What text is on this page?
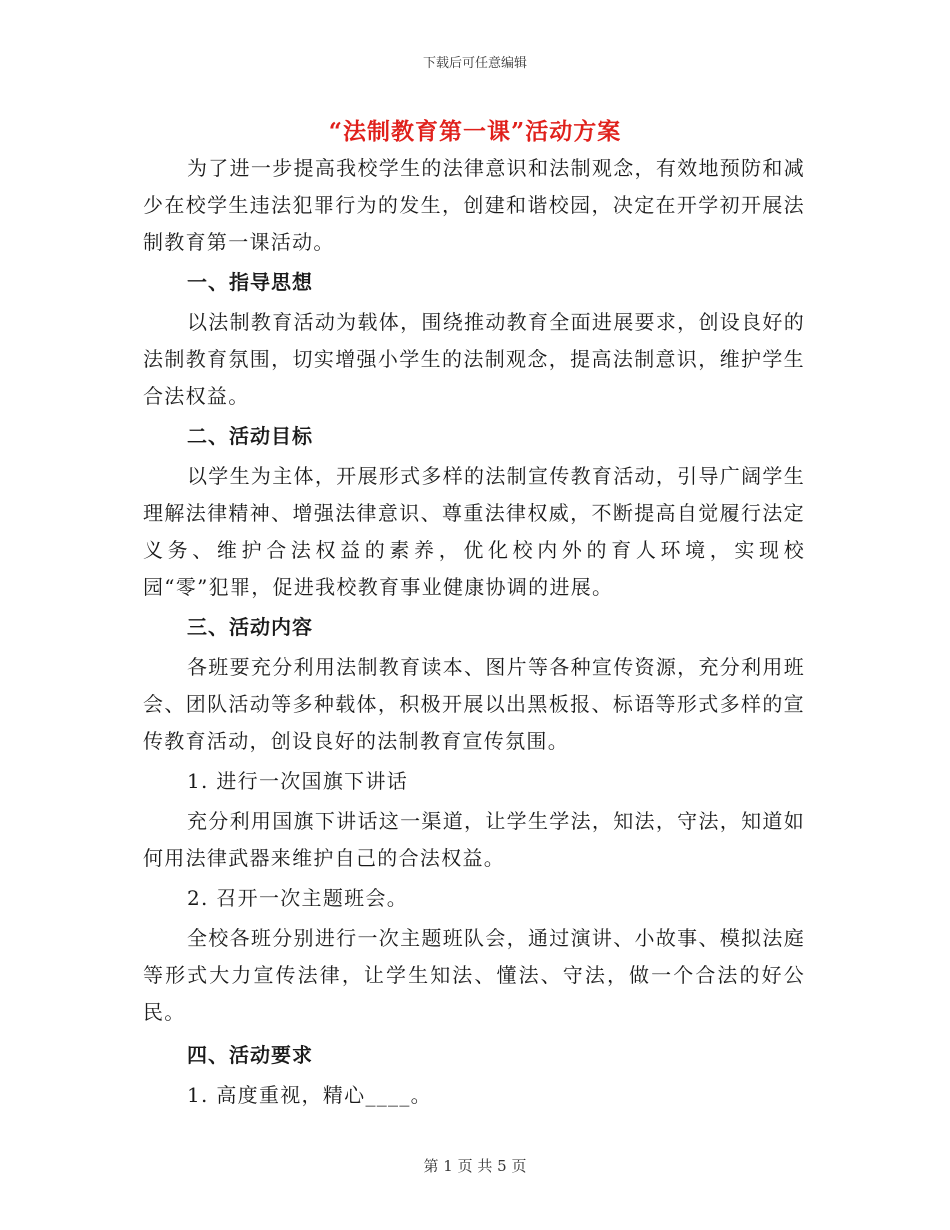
下载后可任意编辑
“法制教育第一课”活动方案

为了进一步提高我校学生的法律意识和法制观念，有效地预防和减少在校学生违法犯罪行为的发生，创建和谐校园，决定在开学初开展法制教育第一课活动。

一、指导思想

以法制教育活动为载体，围绕推动教育全面进展要求，创设良好的法制教育氛围，切实增强小学生的法制观念，提高法制意识，维护学生合法权益。

二、活动目标

以学生为主体，开展形式多样的法制宣传教育活动，引导广阔学生理解法律精神、增强法律意识、尊重法律权威，不断提高自觉履行法定义务、维护合法权益的素养，优化校内外的育人环境，实现校园“零”犯罪，促进我校教育事业健康协调的进展。

三、活动内容

各班要充分利用法制教育读本、图片等各种宣传资源，充分利用班会、团队活动等多种载体，积极开展以出黑板报、标语等形式多样的宣传教育活动，创设良好的法制教育宣传氛围。

1. 进行一次国旗下讲话

充分利用国旗下讲话这一渠道，让学生学法，知法，守法，知道如何用法律武器来维护自己的合法权益。

2. 召开一次主题班会。

全校各班分别进行一次主题班队会，通过演讲、小故事、模拟法庭等形式大力宣传法律，让学生知法、懂法、守法，做一个合法的好公民。

四、活动要求

1. 高度重视，精心____。

第 1 页 共 5 页
